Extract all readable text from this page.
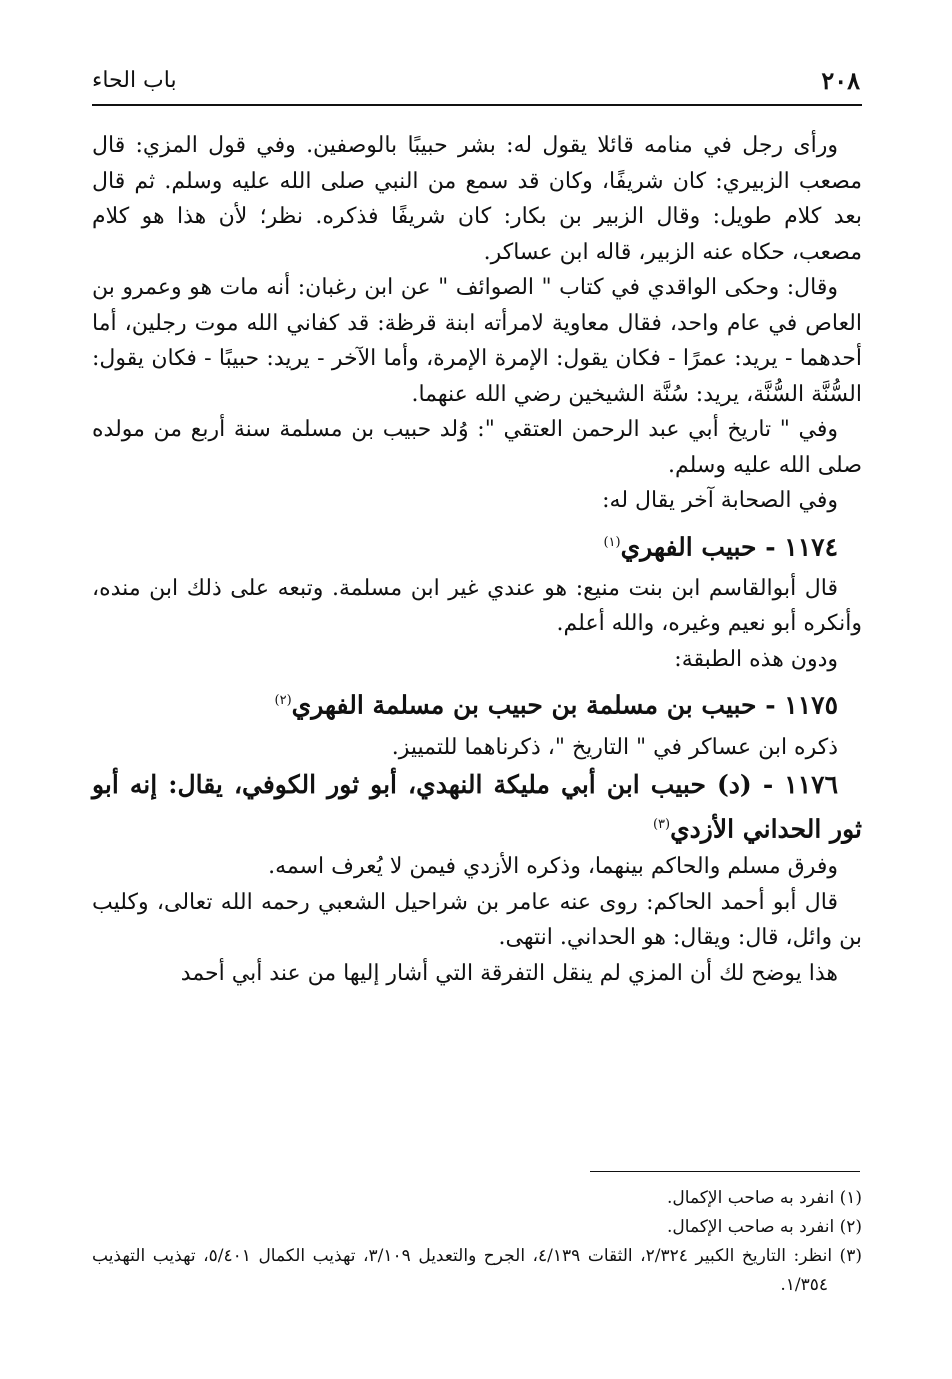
٢٠٨
باب الحاء

ورأى رجل في منامه قائلا يقول له: بشر حبيبًا بالوصفين. وفي قول المزي: قال مصعب الزبيري: كان شريفًا، وكان قد سمع من النبي صلى الله عليه وسلم. ثم قال بعد كلام طويل: وقال الزبير بن بكار: كان شريفًا فذكره. نظر؛ لأن هذا هو كلام مصعب، حكاه عنه الزبير، قاله ابن عساكر.

وقال: وحكى الواقدي في كتاب " الصوائف " عن ابن رغبان: أنه مات هو وعمرو بن العاص في عام واحد، فقال معاوية لامرأته ابنة قرظة: قد كفاني الله موت رجلين، أما أحدهما - يريد: عمرًا - فكان يقول: الإمرة الإمرة، وأما الآخر - يريد: حبيبًا - فكان يقول: السُّنَّة السُّنَّة، يريد: سُنَّة الشيخين رضي الله عنهما.

وفي " تاريخ أبي عبد الرحمن العتقي ": وُلد حبيب بن مسلمة سنة أربع من مولده صلى الله عليه وسلم.

وفي الصحابة آخر يقال له:

١١٧٤ - حبيب الفهري$^{(١)}$

قال أبوالقاسم ابن بنت منيع: هو عندي غير ابن مسلمة. وتبعه على ذلك ابن منده، وأنكره أبو نعيم وغيره، والله أعلم.

ودون هذه الطبقة:

١١٧٥ - حبيب بن مسلمة بن حبيب بن مسلمة الفهري$^{(٢)}$

ذكره ابن عساكر في " التاريخ "، ذكرناهما للتمييز.

١١٧٦ - (د) حبيب ابن أبي مليكة النهدي، أبو ثور الكوفي، يقال: إنه أبو ثور الحداني الأزدي$^{(٣)}$

وفرق مسلم والحاكم بينهما، وذكره الأزدي فيمن لا يُعرف اسمه.

قال أبو أحمد الحاكم: روى عنه عامر بن شراحيل الشعبي رحمه الله تعالى، وكليب بن وائل، قال: ويقال: هو الحداني. انتهى.

هذا يوضح لك أن المزي لم ينقل التفرقة التي أشار إليها من عند أبي أحمد

(١) انفرد به صاحب الإكمال.

(٢) انفرد به صاحب الإكمال.

(٣) انظر: التاريخ الكبير ٢/٣٢٤، الثقات ٤/١٣٩، الجرح والتعديل ٣/١٠٩، تهذيب الكمال ٥/٤٠١، تهذيب التهذيب ١/٣٥٤.
